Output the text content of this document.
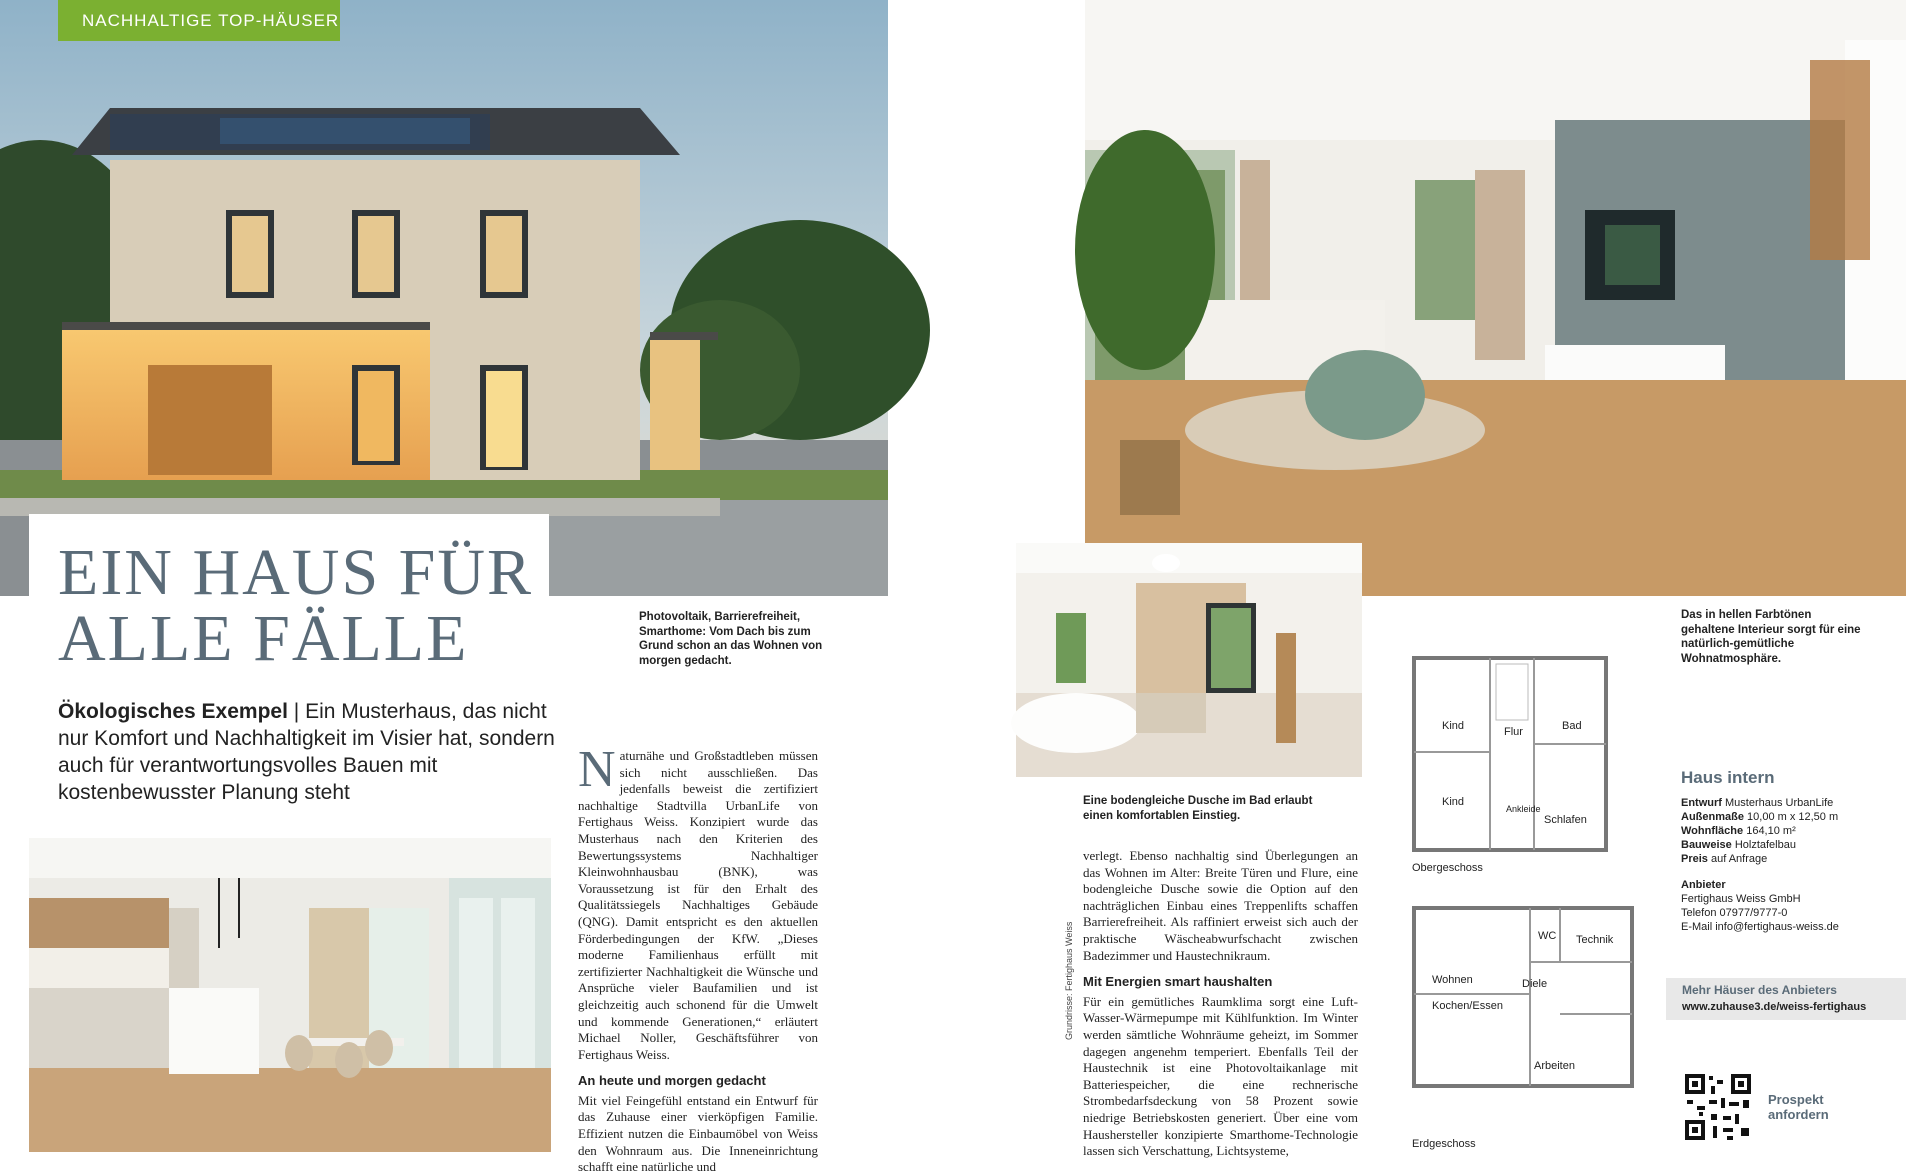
NACHHALTIGE TOP-HÄUSER
EIN HAUS FÜR
ALLE FÄLLE	Photovoltaik, Barrierefreiheit, Smarthome: Vom Dach bis zum Grund schon an das Wohnen von morgen gedacht.
Ökologisches Exempel | Ein Musterhaus, das nicht nur Komfort und Nachhaltigkeit im Visier hat, sondern auch für verantwortungsvolles Bauen mit kostenbewusster Planung steht	N aturnähe und Großstadtleben müssen sich nicht ausschließen. Das jedenfalls beweist die zertifiziert nachhaltige Stadtvilla UrbanLife von Fertighaus Weiss. Konzipiert wurde das Musterhaus nach den Kriterien des Bewertungssystems Nachhaltiger Kleinwohnhausbau (BNK), was Voraussetzung ist für den Erhalt des Qualitätssiegels Nachhaltiges Gebäude (QNG). Damit entspricht es den aktuellen Förderbedingungen der KfW. „Dieses moderne Familienhaus erfüllt mit zertifizierter Nachhaltigkeit die Wünsche und Ansprüche vieler Baufamilien und ist gleichzeitig auch schonend für die Umwelt und kommende Generationen,“ erläutert Michael Noller, Geschäftsführer von Fertighaus Weiss.
An heute und morgen gedacht
Mit viel Feingefühl entstand ein Entwurf für das Zuhause einer vierköpfigen Familie. Effizient nutzen die Einbaumöbel von Weiss den Wohnraum aus. Die Inneneinrichtung schafft eine natürliche und
Eine bodengleiche Dusche im Bad erlaubt einen komfortablen Einstieg.
Das in hellen Farbtönen gehaltene Interieur sorgt für eine natürlich-gemütliche Wohnatmosphäre.
verlegt. Ebenso nachhaltig sind Überlegungen an das Wohnen im Alter: Breite Türen und Flure, eine bodengleiche Dusche sowie die Option auf den nachträglichen Einbau eines Treppenlifts schaffen Barrierefreiheit. Als raffiniert erweist sich auch der praktische Wäscheabwurfschacht zwischen Badezimmer und Haustechnikraum.
Mit Energien smart haushalten
Für ein gemütliches Raumklima sorgt eine Luft-Wasser-Wärmepumpe mit Kühlfunktion. Im Winter werden sämtliche Wohnräume geheizt, im Sommer dagegen angenehm temperiert. Ebenfalls Teil der Haustechnik ist eine Photovoltaikanlage mit Batteriespeicher, die eine rechnerische Strombedarfsdeckung von 58 Prozent sowie niedrige Betriebskosten generiert. Über eine vom Haushersteller konzipierte Smarthome-Technologie lassen sich Verschattung, Lichtsysteme,
Grundrisse: Fertighaus Weiss
Kind	Bad
Flur
Kind
Ankleide
Schlafen
Obergeschoss
WC Technik
Wohnen	Diele
Kochen/Essen
Arbeiten
Erdgeschoss
Haus intern
Entwurf Musterhaus UrbanLife
Außenmaße 10,00 m x 12,50 m
Wohnfläche 164,10 m²
Bauweise Holztafelbau
Preis auf Anfrage
Anbieter
Fertighaus Weiss GmbH
Telefon 07977/9777-0
E-Mail info@fertighaus-weiss.de
Mehr Häuser des Anbieters
www.zuhause3.de/weiss-fertighaus
Prospekt
anfordern
